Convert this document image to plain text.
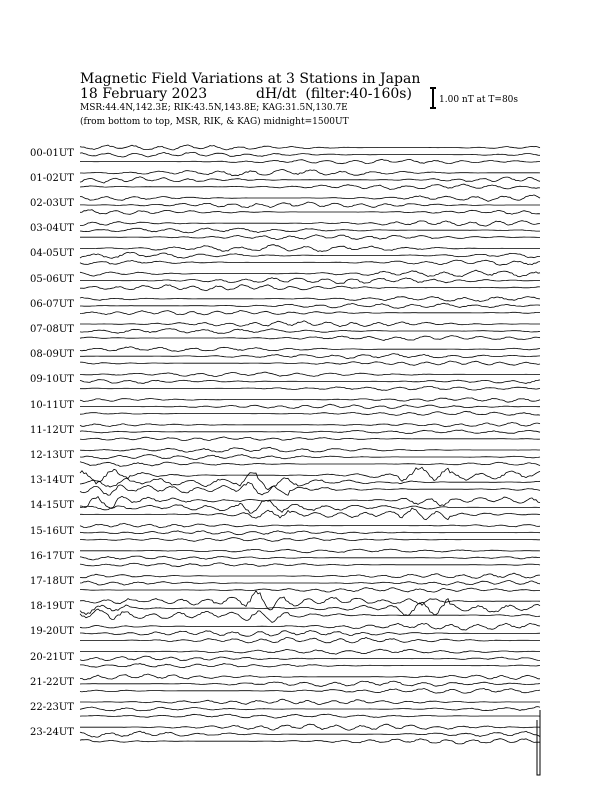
Magnetic Field Variations at 3 Stations in Japan
18 February 2023	dH/dt (filter:40-160s)
MSR:44.4N,142.3E; RIK:43.5N,143.8E; KAG:31.5N,130.7E
(from bottom to top, MSR, RIK, & KAG) midnight=1500UT
1.00 nT at T=80s
00-01UT
01-02UT
02-03UT
03-04UT
04-05UT
05-06UT
06-07UT
07-08UT
08-09UT
09-10UT
10-11UT
11-12UT
12-13UT
13-14UT
14-15UT
15-16UT
16-17UT
17-18UT
18-19UT
19-20UT
20-21UT
21-22UT
22-23UT
23-24UT
